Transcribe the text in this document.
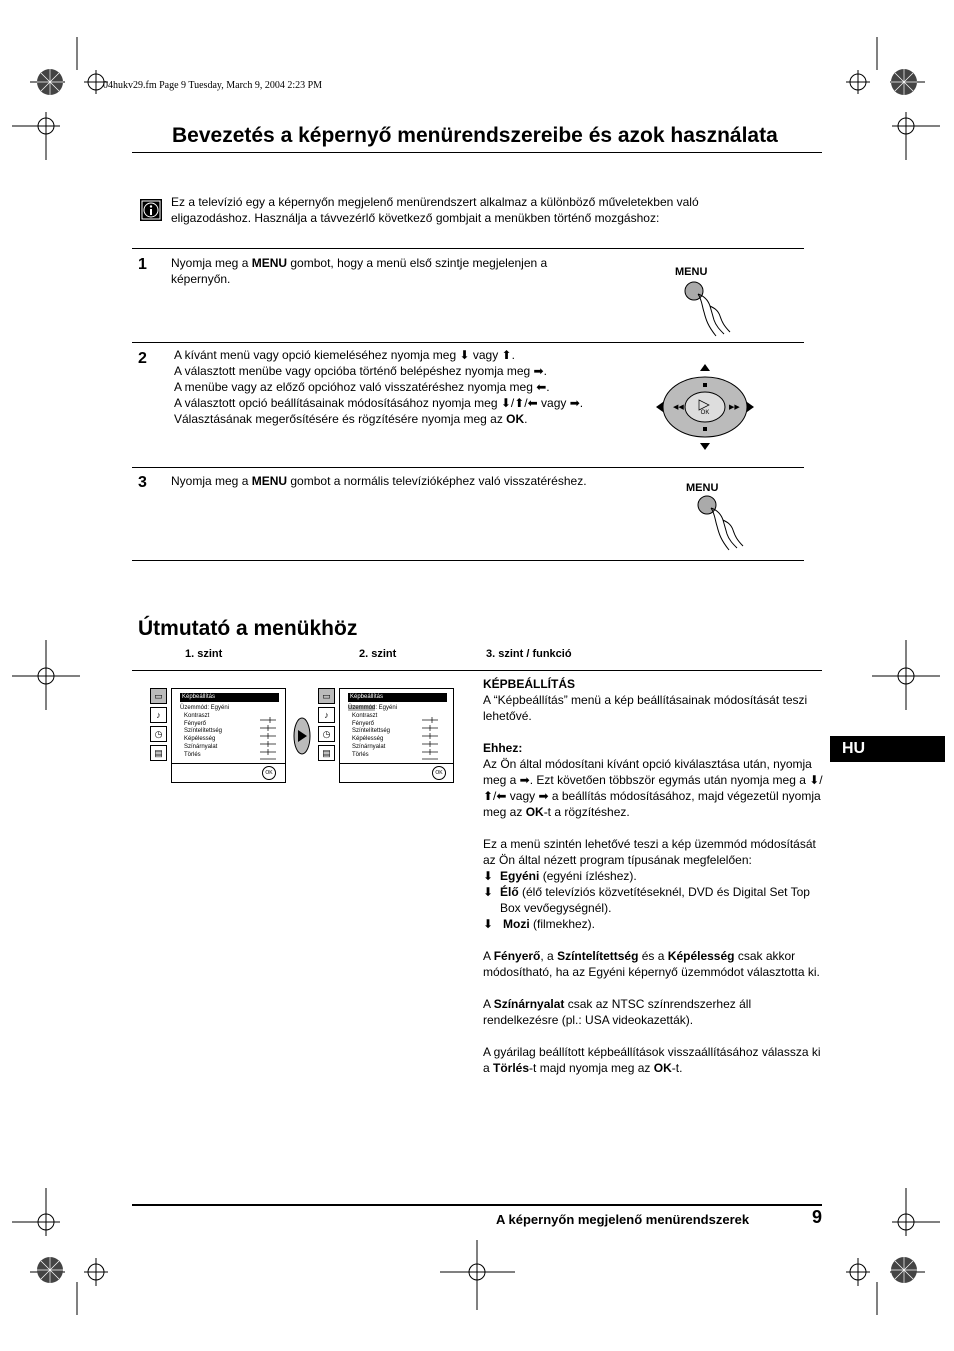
04hukv29.fm Page 9 Tuesday, March 9, 2004 2:23 PM
Bevezetés a képernyő menürendszereibe és azok használata
Ez a televízió egy a képernyőn megjelenő menürendszert alkalmaz a különböző műveletekben való
eligazodáshoz. Használja a távvezérlő következő gombjait a menükben történő mozgáshoz:
1 Nyomja meg a MENU gombot, hogy a menü első szintje megjelenjen a
képernyőn.	MENU
2 A kívánt menü vagy opció kiemeléséhez nyomja meg ⬇ vagy ⬆.
A választott menübe vagy opcióba történő belépéshez nyomja meg ➡.
A menübe vagy az előző opcióhoz való visszatéréshez nyomja meg ⬅.
A választott opció beállításainak módosításához nyomja meg ⬇/⬆/⬅ vagy ➡.
Választásának megerősítésére és rögzítésére nyomja meg az OK.	OK
◀◀	▶▶
3 Nyomja meg a MENU gombot a normális televízióképhez való visszatéréshez.	MENU
Útmutató a menükhöz
1. szint	2. szint	3. szint / funkció
▭
♪
◷
▤
Képbeállítás
Üzemmód: Egyéni
Kontraszt
Fényerő
Színtelítettség
Képélesség
Színárnyalat
Törlés
OK
▭
♪
◷
▤
Képbeállítás
Üzemmód: Egyéni
Kontraszt
Fényerő
Színtelítettség
Képélesség
Színárnyalat
Törlés
OK
KÉPBEÁLLÍTÁS

A “Képbeállítás” menü a kép beállításainak módosítását teszi lehetővé.

Ehhez:

Az Ön által módosítani kívánt opció kiválasztása után, nyomja meg a ➡. Ezt követően többször egymás után nyomja meg a ⬇/⬆/⬅ vagy ➡ a beállítás módosításához, majd végezetül nyomja meg az OK-t a rögzítéshez.

Ez a menü szintén lehetővé teszi a kép üzemmód módosítását az Ön által nézett program típusának megfelelően:
⬇ Egyéni (egyéni ízléshez).
⬇ Élő (élő televíziós közvetítéseknél, DVD és Digital Set Top Box vevőegységnél).
⬇ Mozi (filmekhez).

A Fényerő, a Színtelítettség és a Képélesség csak akkor módosítható, ha az Egyéni képernyő üzemmódot választotta ki.

A Színárnyalat csak az NTSC színrendszerhez áll rendelkezésre (pl.: USA videokazetták).

A gyárilag beállított képbeállítások visszaállításához válassza ki a Törlés-t majd nyomja meg az OK-t.

HU
A képernyőn megjelenő menürendszerek	9
